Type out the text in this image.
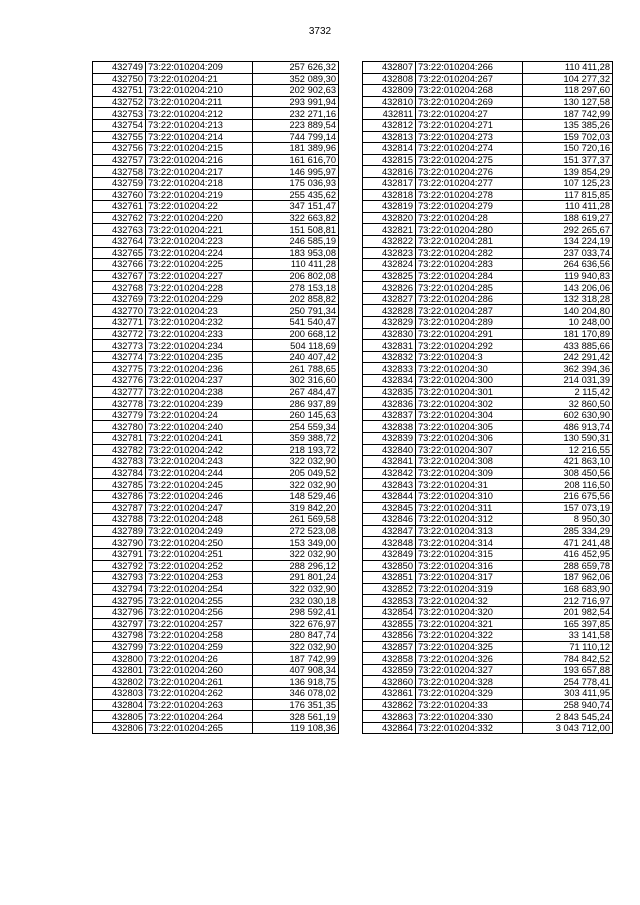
3732
432749	73:22:010204:209	257 626,32
432750	73:22:010204:21	352 089,30
432751	73:22:010204:210	202 902,63
432752	73:22:010204:211	293 991,94
432753	73:22:010204:212	232 271,16
432754	73:22:010204:213	223 889,54
432755	73:22:010204:214	744 799,14
432756	73:22:010204:215	181 389,96
432757	73:22:010204:216	161 616,70
432758	73:22:010204:217	146 995,97
432759	73:22:010204:218	175 036,93
432760	73:22:010204:219	255 435,62
432761	73:22:010204:22	347 151,47
432762	73:22:010204:220	322 663,82
432763	73:22:010204:221	151 508,81
432764	73:22:010204:223	246 585,19
432765	73:22:010204:224	183 953,08
432766	73:22:010204:225	110 411,28
432767	73:22:010204:227	206 802,08
432768	73:22:010204:228	278 153,18
432769	73:22:010204:229	202 858,82
432770	73:22:010204:23	250 791,34
432771	73:22:010204:232	541 540,47
432772	73:22:010204:233	200 668,12
432773	73:22:010204:234	504 118,69
432774	73:22:010204:235	240 407,42
432775	73:22:010204:236	261 788,65
432776	73:22:010204:237	302 316,60
432777	73:22:010204:238	267 484,47
432778	73:22:010204:239	286 937,89
432779	73:22:010204:24	260 145,63
432780	73:22:010204:240	254 559,34
432781	73:22:010204:241	359 388,72
432782	73:22:010204:242	218 193,72
432783	73:22:010204:243	322 032,90
432784	73:22:010204:244	205 049,52
432785	73:22:010204:245	322 032,90
432786	73:22:010204:246	148 529,46
432787	73:22:010204:247	319 842,20
432788	73:22:010204:248	261 569,58
432789	73:22:010204:249	272 523,08
432790	73:22:010204:250	153 349,00
432791	73:22:010204:251	322 032,90
432792	73:22:010204:252	288 296,12
432793	73:22:010204:253	291 801,24
432794	73:22:010204:254	322 032,90
432795	73:22:010204:255	232 030,18
432796	73:22:010204:256	298 592,41
432797	73:22:010204:257	322 676,97
432798	73:22:010204:258	280 847,74
432799	73:22:010204:259	322 032,90
432800	73:22:010204:26	187 742,99
432801	73:22:010204:260	407 908,34
432802	73:22:010204:261	136 918,75
432803	73:22:010204:262	346 078,02
432804	73:22:010204:263	176 351,35
432805	73:22:010204:264	328 561,19
432806	73:22:010204:265	119 108,36
432807	73:22:010204:266	110 411,28
432808	73:22:010204:267	104 277,32
432809	73:22:010204:268	118 297,60
432810	73:22:010204:269	130 127,58
432811	73:22:010204:27	187 742,99
432812	73:22:010204:271	135 385,26
432813	73:22:010204:273	159 702,03
432814	73:22:010204:274	150 720,16
432815	73:22:010204:275	151 377,37
432816	73:22:010204:276	139 854,29
432817	73:22:010204:277	107 125,23
432818	73:22:010204:278	117 815,85
432819	73:22:010204:279	110 411,28
432820	73:22:010204:28	188 619,27
432821	73:22:010204:280	292 265,67
432822	73:22:010204:281	134 224,19
432823	73:22:010204:282	237 033,74
432824	73:22:010204:283	264 636,56
432825	73:22:010204:284	119 940,83
432826	73:22:010204:285	143 206,06
432827	73:22:010204:286	132 318,28
432828	73:22:010204:287	140 204,80
432829	73:22:010204:289	10 248,00
432830	73:22:010204:291	181 170,89
432831	73:22:010204:292	433 885,66
432832	73:22:010204:3	242 291,42
432833	73:22:010204:30	362 394,36
432834	73:22:010204:300	214 031,39
432835	73:22:010204:301	2 115,42
432836	73:22:010204:302	32 860,50
432837	73:22:010204:304	602 630,90
432838	73:22:010204:305	486 913,74
432839	73:22:010204:306	130 590,31
432840	73:22:010204:307	12 216,55
432841	73:22:010204:308	421 863,10
432842	73:22:010204:309	308 450,56
432843	73:22:010204:31	208 116,50
432844	73:22:010204:310	216 675,56
432845	73:22:010204:311	157 073,19
432846	73:22:010204:312	8 950,30
432847	73:22:010204:313	285 334,29
432848	73:22:010204:314	471 241,48
432849	73:22:010204:315	416 452,95
432850	73:22:010204:316	288 659,78
432851	73:22:010204:317	187 962,06
432852	73:22:010204:319	168 683,90
432853	73:22:010204:32	212 716,97
432854	73:22:010204:320	201 982,54
432855	73:22:010204:321	165 397,85
432856	73:22:010204:322	33 141,58
432857	73:22:010204:325	71 110,12
432858	73:22:010204:326	784 842,52
432859	73:22:010204:327	193 657,88
432860	73:22:010204:328	254 778,41
432861	73:22:010204:329	303 411,95
432862	73:22:010204:33	258 940,74
432863	73:22:010204:330	2 843 545,24
432864	73:22:010204:332	3 043 712,00
